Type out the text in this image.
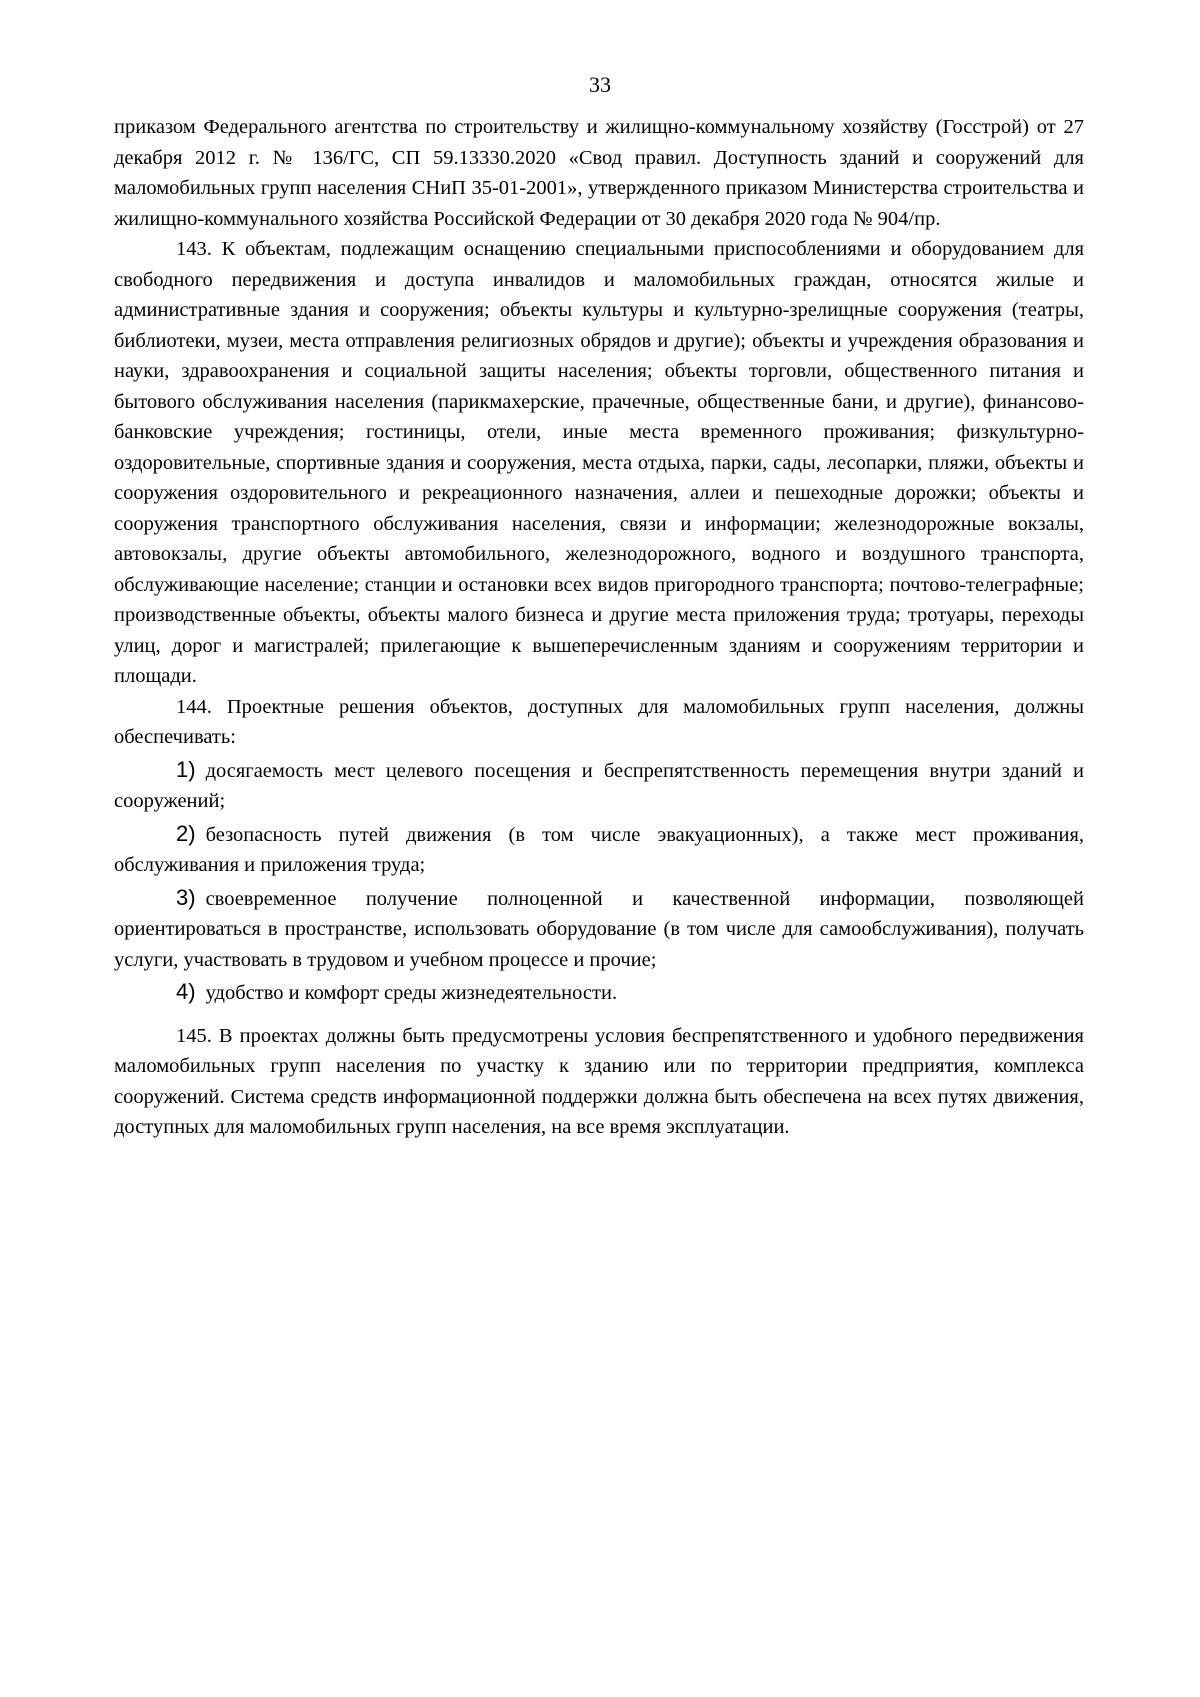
33

приказом Федерального агентства по строительству и жилищно-коммунальному хозяйству (Госстрой) от 27 декабря 2012 г. № 136/ГС, СП 59.13330.2020 «Свод правил. Доступность зданий и сооружений для маломобильных групп населения СНиП 35-01-2001», утвержденного приказом Министерства строительства и жилищно-коммунального хозяйства Российской Федерации от 30 декабря 2020 года № 904/пр.

143. К объектам, подлежащим оснащению специальными приспособлениями и оборудованием для свободного передвижения и доступа инвалидов и маломобильных граждан, относятся жилые и административные здания и сооружения; объекты культуры и культурно-зрелищные сооружения (театры, библиотеки, музеи, места отправления религиозных обрядов и другие); объекты и учреждения образования и науки, здравоохранения и социальной защиты населения; объекты торговли, общественного питания и бытового обслуживания населения (парикмахерские, прачечные, общественные бани, и другие), финансово-банковские учреждения; гостиницы, отели, иные места временного проживания; физкультурно-оздоровительные, спортивные здания и сооружения, места отдыха, парки, сады, лесопарки, пляжи, объекты и сооружения оздоровительного и рекреационного назначения, аллеи и пешеходные дорожки; объекты и сооружения транспортного обслуживания населения, связи и информации; железнодорожные вокзалы, автовокзалы, другие объекты автомобильного, железнодорожного, водного и воздушного транспорта, обслуживающие население; станции и остановки всех видов пригородного транспорта; почтово-телеграфные; производственные объекты, объекты малого бизнеса и другие места приложения труда; тротуары, переходы улиц, дорог и магистралей; прилегающие к вышеперечисленным зданиям и сооружениям территории и площади.

144. Проектные решения объектов, доступных для маломобильных групп населения, должны обеспечивать:

1) досягаемость мест целевого посещения и беспрепятственность перемещения внутри зданий и сооружений;

2) безопасность путей движения (в том числе эвакуационных), а также мест проживания, обслуживания и приложения труда;

3) своевременное получение полноценной и качественной информации, позволяющей ориентироваться в пространстве, использовать оборудование (в том числе для самообслуживания), получать услуги, участвовать в трудовом и учебном процессе и прочие;

4) удобство и комфорт среды жизнедеятельности.

145. В проектах должны быть предусмотрены условия беспрепятственного и удобного передвижения маломобильных групп населения по участку к зданию или по территории предприятия, комплекса сооружений. Система средств информационной поддержки должна быть обеспечена на всех путях движения, доступных для маломобильных групп населения, на все время эксплуатации.
